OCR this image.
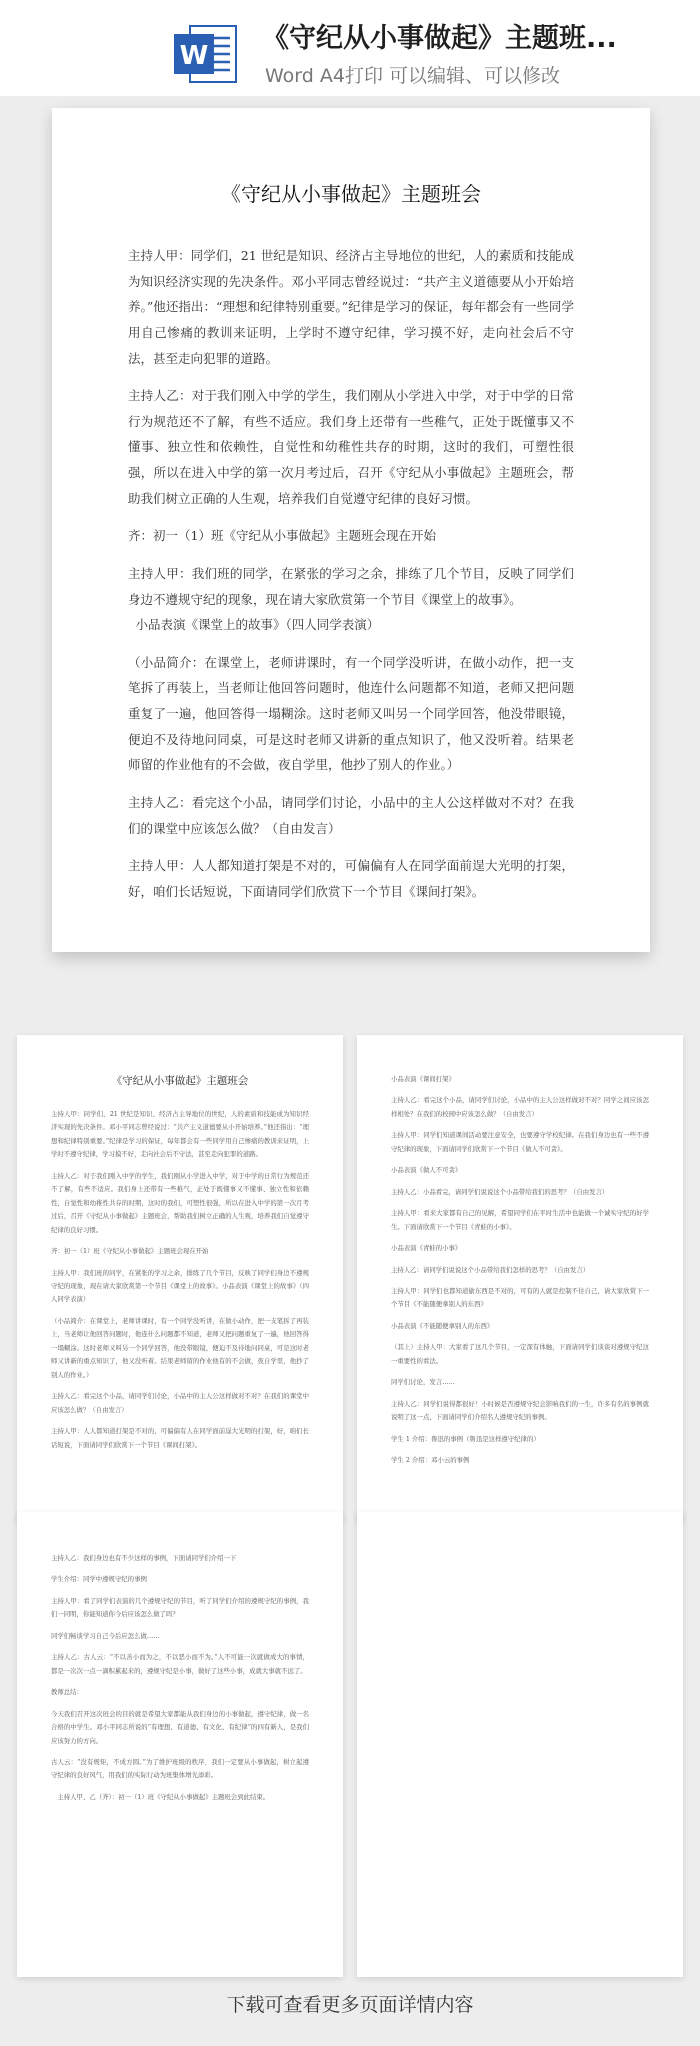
W
《守纪从小事做起》主题班...
Word A4打印 可以编辑、可以修改
《守纪从小事做起》主题班会

主持人甲：同学们，21 世纪是知识、经济占主导地位的世纪，人的素质和技能成为知识经济实现的先决条件。邓小平同志曾经说过：“共产主义道德要从小开始培养。”他还指出：“理想和纪律特别重要。”纪律是学习的保证，每年都会有一些同学用自己惨痛的教训来证明，上学时不遵守纪律，学习摸不好，走向社会后不守法，甚至走向犯罪的道路。

主持人乙：对于我们刚入中学的学生，我们刚从小学进入中学，对于中学的日常行为规范还不了解，有些不适应。我们身上还带有一些稚气，正处于既懂事又不懂事、独立性和依赖性，自觉性和幼稚性共存的时期，这时的我们，可塑性很强，所以在进入中学的第一次月考过后，召开《守纪从小事做起》主题班会，帮助我们树立正确的人生观，培养我们自觉遵守纪律的良好习惯。

齐：初一（1）班《守纪从小事做起》主题班会现在开始

主持人甲：我们班的同学，在紧张的学习之余，排练了几个节目，反映了同学们身边不遵规守纪的现象，现在请大家欣赏第一个节目《课堂上的故事》。

小品表演《课堂上的故事》（四人同学表演）

（小品简介：在课堂上，老师讲课时，有一个同学没听讲，在做小动作，把一支笔拆了再装上，当老师让他回答问题时，他连什么问题都不知道，老师又把问题重复了一遍，他回答得一塌糊涂。这时老师又叫另一个同学回答，他没带眼镜，便迫不及待地问同桌，可是这时老师又讲新的重点知识了，他又没听着。结果老师留的作业他有的不会做，夜自学里，他抄了别人的作业。）

主持人乙：看完这个小品，请同学们讨论，小品中的主人公这样做对不对？在我们的课堂中应该怎么做？（自由发言）

主持人甲：人人都知道打架是不对的，可偏偏有人在同学面前逞大光明的打架，好，咱们长话短说，下面请同学们欣赏下一个节目《课间打架》。

《守纪从小事做起》主题班会

主持人甲：同学们，21 世纪是知识、经济占主导地位的世纪，人的素质和技能成为知识经济实现的先决条件。邓小平同志曾经说过：“共产主义道德要从小开始培养。”他还指出：“理想和纪律特别重要。”纪律是学习的保证，每年都会有一些同学用自己惨痛的教训来证明，上学时不遵守纪律，学习摸不好，走向社会后不守法，甚至走向犯罪的道路。

主持人乙：对于我们刚入中学的学生，我们刚从小学进入中学，对于中学的日常行为规范还不了解，有些不适应。我们身上还带有一些稚气，正处于既懂事又不懂事、独立性和依赖性，自觉性和幼稚性共存的时期，这时的我们，可塑性很强，所以在进入中学的第一次月考过后，召开《守纪从小事做起》主题班会，帮助我们树立正确的人生观，培养我们自觉遵守纪律的良好习惯。

齐：初一（1）班《守纪从小事做起》主题班会现在开始

主持人甲：我们班的同学，在紧张的学习之余，排练了几个节目，反映了同学们身边不遵规守纪的现象，现在请大家欣赏第一个节目《课堂上的故事》。小品表演《课堂上的故事》（四人同学表演）

（小品简介：在课堂上，老师讲课时，有一个同学没听讲，在做小动作，把一支笔拆了再装上，当老师让他回答问题时，他连什么问题都不知道，老师又把问题重复了一遍，他回答得一塌糊涂。这时老师又叫另一个同学回答，他没带眼镜，便迫不及待地问同桌，可是这时老师又讲新的重点知识了，他又没听着。结果老师留的作业他有的不会做，夜自学里，他抄了别人的作业。）

主持人乙：看完这个小品，请同学们讨论，小品中的主人公这样做对不对？在我们的课堂中应该怎么做？（自由发言）

主持人甲：人人都知道打架是不对的，可偏偏有人在同学面前逞大光明的打架，好，咱们长话短说，下面请同学们欣赏下一个节目《课间打架》。

小品表演《课间打架》

主持人乙：看完这个小品，请同学们讨论，小品中的主人公这样做对不对？同学之间应该怎样相处？在我们的校园中应该怎么做？（自由发言）

主持人甲：同学们知道课间活动要注意安全，也要遵守学校纪律。在我们身边也有一些不遵守纪律的现象，下面请同学们欣赏下一个节目《做人不可贪》。

小品表演《做人不可贪》

主持人乙：小品看完，请同学们说说这个小品带给我们的思考？（自由发言）

主持人甲：看来大家都有自己的见解，希望同学们在平时生活中也能做一个诚实守纪的好学生。下面请欣赏下一个节目《青蛙的小事》。

小品表演《青蛙的小事》

主持人乙：请同学们说说这个小品带给我们怎样的思考？（自由发言）

主持人甲：同学们也都知道偷东西是不对的，可有的人就是控制不住自己，请大家欣赏下一个节目《不能随便拿别人的东西》

小品表演《不能随便拿别人的东西》

（其上）主持人甲：大家看了这几个节目，一定深有体触，下面请同学们谈谈对遵规守纪这一重要性的看法。

同学们讨论，发言……

主持人乙：同学们说得都很好！小时候是否遵规守纪会影响我们的一生，许多有名的事例就说明了这一点，下面请同学们介绍名人遵规守纪的事例。

学生 1 介绍：鲁迅的事例（鲁迅是这样遵守纪律的）

学生 2 介绍：邓小云的事例

主持人乙：我们身边也有不少这样的事例，下面请同学们介绍一下

学生介绍：同学中遵规守纪的事例

主持人甲：看了同学们表演的几个遵规守纪的节目，听了同学们介绍的遵规守纪的事例，我们一同明，你能知道你今后应该怎么做了吗？

同学们畅谈学习自己今后应怎么做……

主持人乙：古人云：“不以善小而为之，不以恶小而不为。”人不可能一次就做成大的事情，都是一次次一点一滴积累起来的，遵规守纪是小事，做好了这些小事，成就大事就不远了。

教师总结：

今天我们召开这次班会的目的就是希望大家都能从我们身边的小事做起，遵守纪律，做一名合格的中学生。邓小平同志所说的“有理想、有道德、有文化、有纪律”的四有新人，是我们应该努力的方向。

古人云：“没有规矩，不成方圆。”为了维护班级的秩序，我们一定要从小事做起，树立起遵守纪律的良好风气，用我们的实际行动为班集体增光添彩。

主持人甲、乙（齐）：初一（1）班《守纪从小事做起》主题班会到此结束。

下载可查看更多页面详情内容
